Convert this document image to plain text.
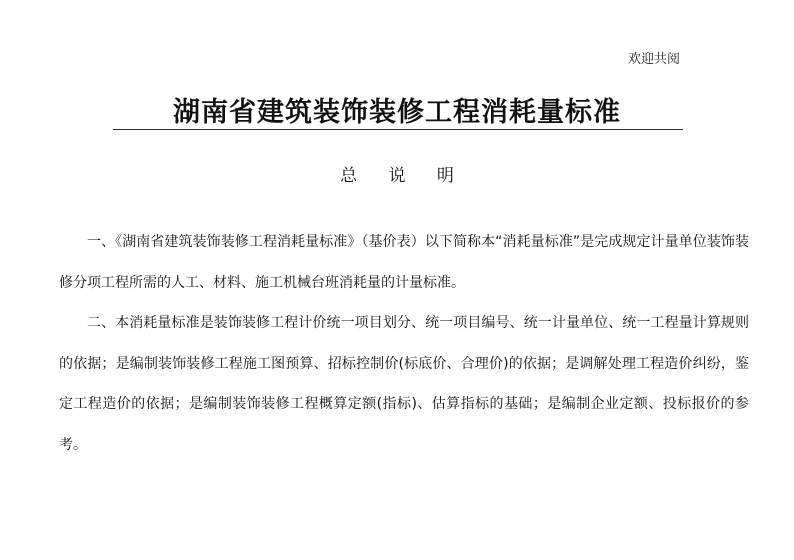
欢迎共阅
湖南省建筑装饰装修工程消耗量标准
总 说 明

一、《湖南省建筑装饰装修工程消耗量标准》（基价表）以下简称本“消耗量标准”是完成规定计量单位装饰装修分项工程所需的人工、材料、施工机械台班消耗量的计量标准。

二、本消耗量标准是装饰装修工程计价统一项目划分、统一项目编号、统一计量单位、统一工程量计算规则的依据；是编制装饰装修工程施工图预算、招标控制价(标底价、合理价)的依据；是调解处理工程造价纠纷，鉴定工程造价的依据；是编制装饰装修工程概算定额(指标)、估算指标的基础；是编制企业定额、投标报价的参考。
